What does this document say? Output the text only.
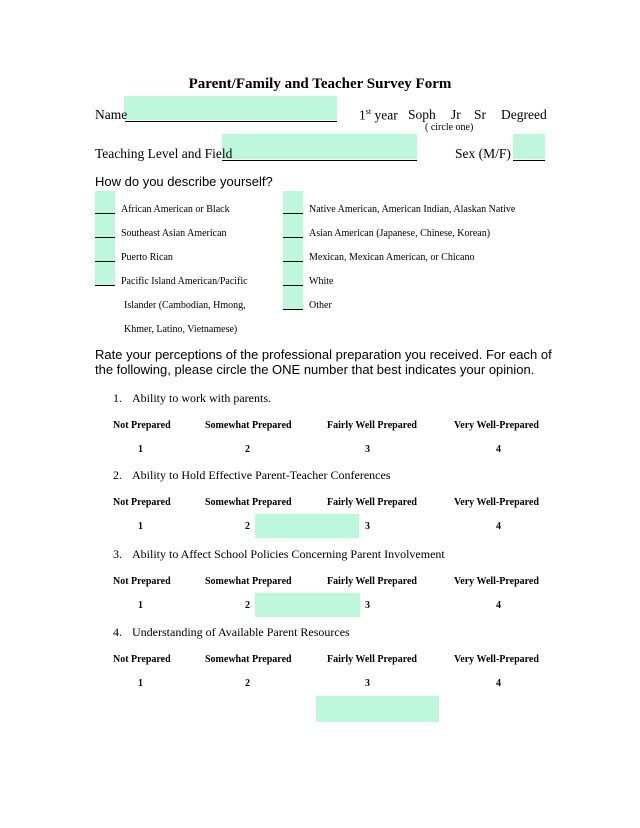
Parent/Family and Teacher Survey Form
Name	1st year Soph Jr Sr Degreed
( circle one)
Teaching Level and Field	Sex (M/F)
How do you describe yourself?
African American or Black
Southeast Asian American
Puerto Rican
Pacific Island American/Pacific
Islander (Cambodian, Hmong,
Khmer, Latino, Vietnamese)
Native American, American Indian, Alaskan Native
Asian American (Japanese, Chinese, Korean)
Mexican, Mexican American, or Chicano
White
Other
Rate your perceptions of the professional preparation you received. For each of
the following, please circle the ONE number that best indicates your opinion.
1. Ability to work with parents.
Not Prepared	Somewhat Prepared	Fairly Well Prepared	Very Well-Prepared
1	2	3	4
2. Ability to Hold Effective Parent-Teacher Conferences
Not Prepared	Somewhat Prepared	Fairly Well Prepared	Very Well-Prepared
1	2	3	4
3. Ability to Affect School Policies Concerning Parent Involvement
Not Prepared	Somewhat Prepared	Fairly Well Prepared	Very Well-Prepared
1	2	3	4
4. Understanding of Available Parent Resources
Not Prepared	Somewhat Prepared	Fairly Well Prepared	Very Well-Prepared
1	2	3	4
